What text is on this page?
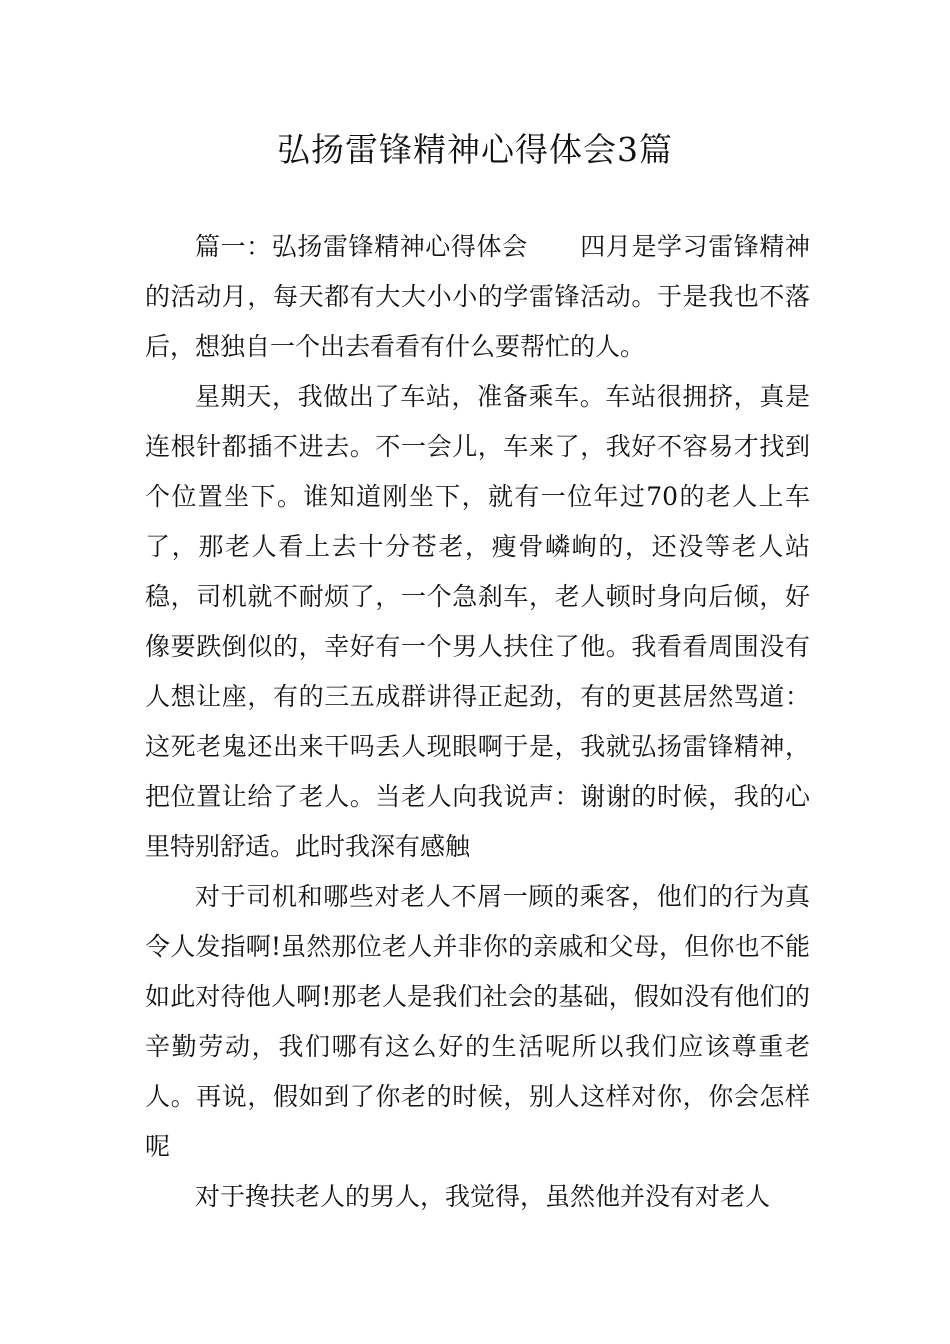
弘扬雷锋精神心得体会3篇

篇一：弘扬雷锋精神心得体会 四月是学习雷锋精神的活动月，每天都有大大小小的学雷锋活动。于是我也不落后，想独自一个出去看看有什么要帮忙的人。

星期天，我做出了车站，准备乘车。车站很拥挤，真是连根针都插不进去。不一会儿，车来了，我好不容易才找到个位置坐下。谁知道刚坐下，就有一位年过70的老人上车了，那老人看上去十分苍老，瘦骨嶙峋的，还没等老人站稳，司机就不耐烦了，一个急刹车，老人顿时身向后倾，好像要跌倒似的，幸好有一个男人扶住了他。我看看周围没有人想让座，有的三五成群讲得正起劲，有的更甚居然骂道：这死老鬼还出来干吗丢人现眼啊于是，我就弘扬雷锋精神，把位置让给了老人。当老人向我说声：谢谢的时候，我的心里特别舒适。此时我深有感触

对于司机和哪些对老人不屑一顾的乘客，他们的行为真令人发指啊!虽然那位老人并非你的亲戚和父母，但你也不能如此对待他人啊!那老人是我们社会的基础，假如没有他们的辛勤劳动，我们哪有这么好的生活呢所以我们应该尊重老人。再说，假如到了你老的时候，别人这样对你，你会怎样呢

对于搀扶老人的男人，我觉得，虽然他并没有对老人
